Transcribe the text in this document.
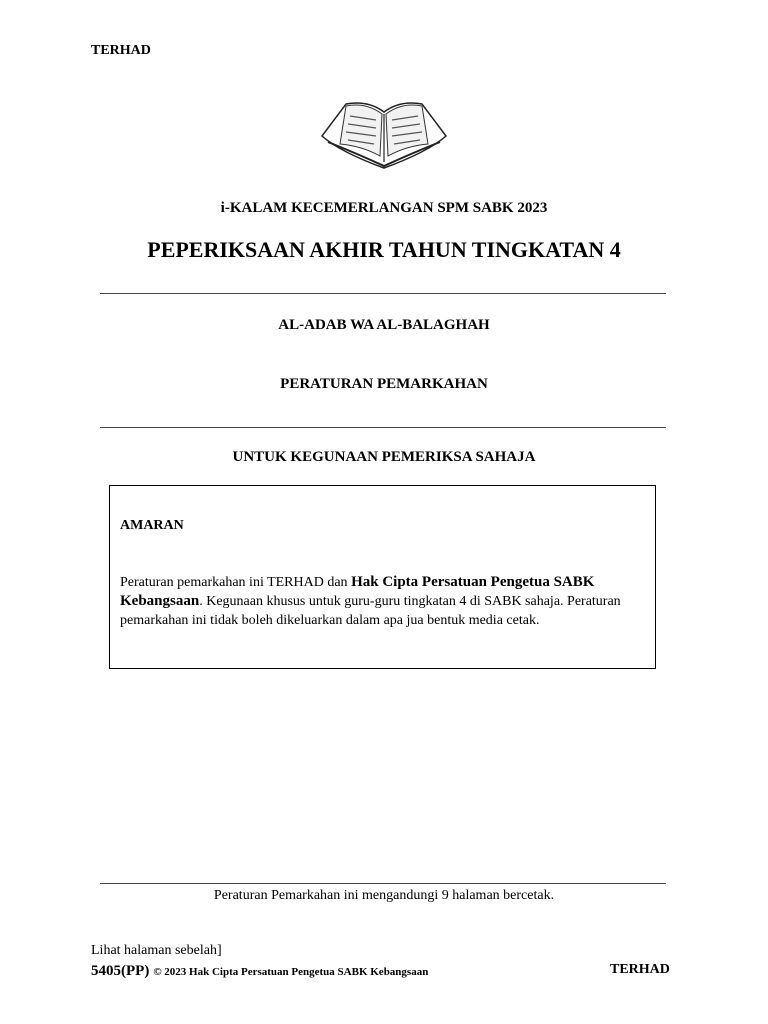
TERHAD
i-KALAM KECEMERLANGAN SPM SABK 2023
PEPERIKSAAN AKHIR TAHUN TINGKATAN 4
AL-ADAB WA AL-BALAGHAH
PERATURAN PEMARKAHAN
UNTUK KEGUNAAN PEMERIKSA SAHAJA
AMARAN
Peraturan pemarkahan ini TERHAD dan Hak Cipta Persatuan Pengetua SABK Kebangsaan. Kegunaan khusus untuk guru-guru tingkatan 4 di SABK sahaja. Peraturan pemarkahan ini tidak boleh dikeluarkan dalam apa jua bentuk media cetak.
Peraturan Pemarkahan ini mengandungi 9 halaman bercetak.
Lihat halaman sebelah]
5405(PP) © 2023 Hak Cipta Persatuan Pengetua SABK Kebangsaan	TERHAD
